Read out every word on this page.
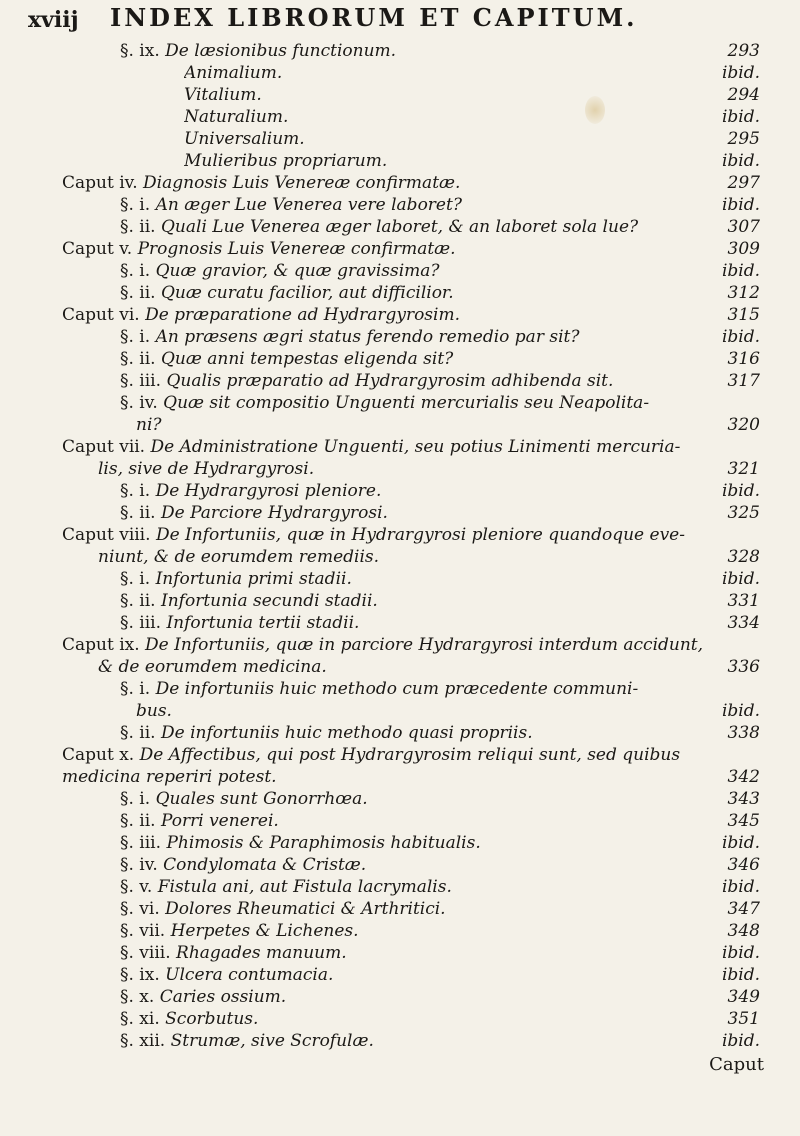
xviij INDEX LIBRORUM ET CAPITUM.
§. ix. De læsionibus functionum.	293
Animalium.	ibid.
Vitalium.	294
Naturalium.	ibid.
Universalium.	295
Mulieribus propriarum.	ibid.
Caput iv. Diagnosis Luis Venereæ confirmatæ.	297
§. i. An æger Lue Venerea vere laboret?	ibid.
§. ii. Quali Lue Venerea æger laboret, & an laboret sola lue?	307
Caput v. Prognosis Luis Venereæ confirmatæ.	309
§. i. Quæ gravior, & quæ gravissima?	ibid.
§. ii. Quæ curatu facilior, aut difficilior.	312
Caput vi. De præparatione ad Hydrargyrosim.	315
§. i. An præsens ægri status ferendo remedio par sit?	ibid.
§. ii. Quæ anni tempestas eligenda sit?	316
§. iii. Qualis præparatio ad Hydrargyrosim adhibenda sit.	317
§. iv. Quæ sit compositio Unguenti mercurialis seu Neapolita-
ni?	320
Caput vii. De Administratione Unguenti, seu potius Linimenti mercuria-
lis, sive de Hydrargyrosi.	321
§. i. De Hydrargyrosi pleniore.	ibid.
§. ii. De Parciore Hydrargyrosi.	325
Caput viii. De Infortuniis, quæ in Hydrargyrosi pleniore quandoque eve-
niunt, & de eorumdem remediis.	328
§. i. Infortunia primi stadii.	ibid.
§. ii. Infortunia secundi stadii.	331
§. iii. Infortunia tertii stadii.	334
Caput ix. De Infortuniis, quæ in parciore Hydrargyrosi interdum accidunt,
& de eorumdem medicina.	336
§. i. De infortuniis huic methodo cum præcedente communi-
bus.	ibid.
§. ii. De infortuniis huic methodo quasi propriis.	338
Caput x. De Affectibus, qui post Hydrargyrosim reliqui sunt, sed quibus
medicina reperiri potest.	342
§. i. Quales sunt Gonorrhœa.	343
§. ii. Porri venerei.	345
§. iii. Phimosis & Paraphimosis habitualis.	ibid.
§. iv. Condylomata & Cristæ.	346
§. v. Fistula ani, aut Fistula lacrymalis.	ibid.
§. vi. Dolores Rheumatici & Arthritici.	347
§. vii. Herpetes & Lichenes.	348
§. viii. Rhagades manuum.	ibid.
§. ix. Ulcera contumacia.	ibid.
§. x. Caries ossium.	349
§. xi. Scorbutus.	351
§. xii. Strumæ, sive Scrofulæ.	ibid.
Caput
